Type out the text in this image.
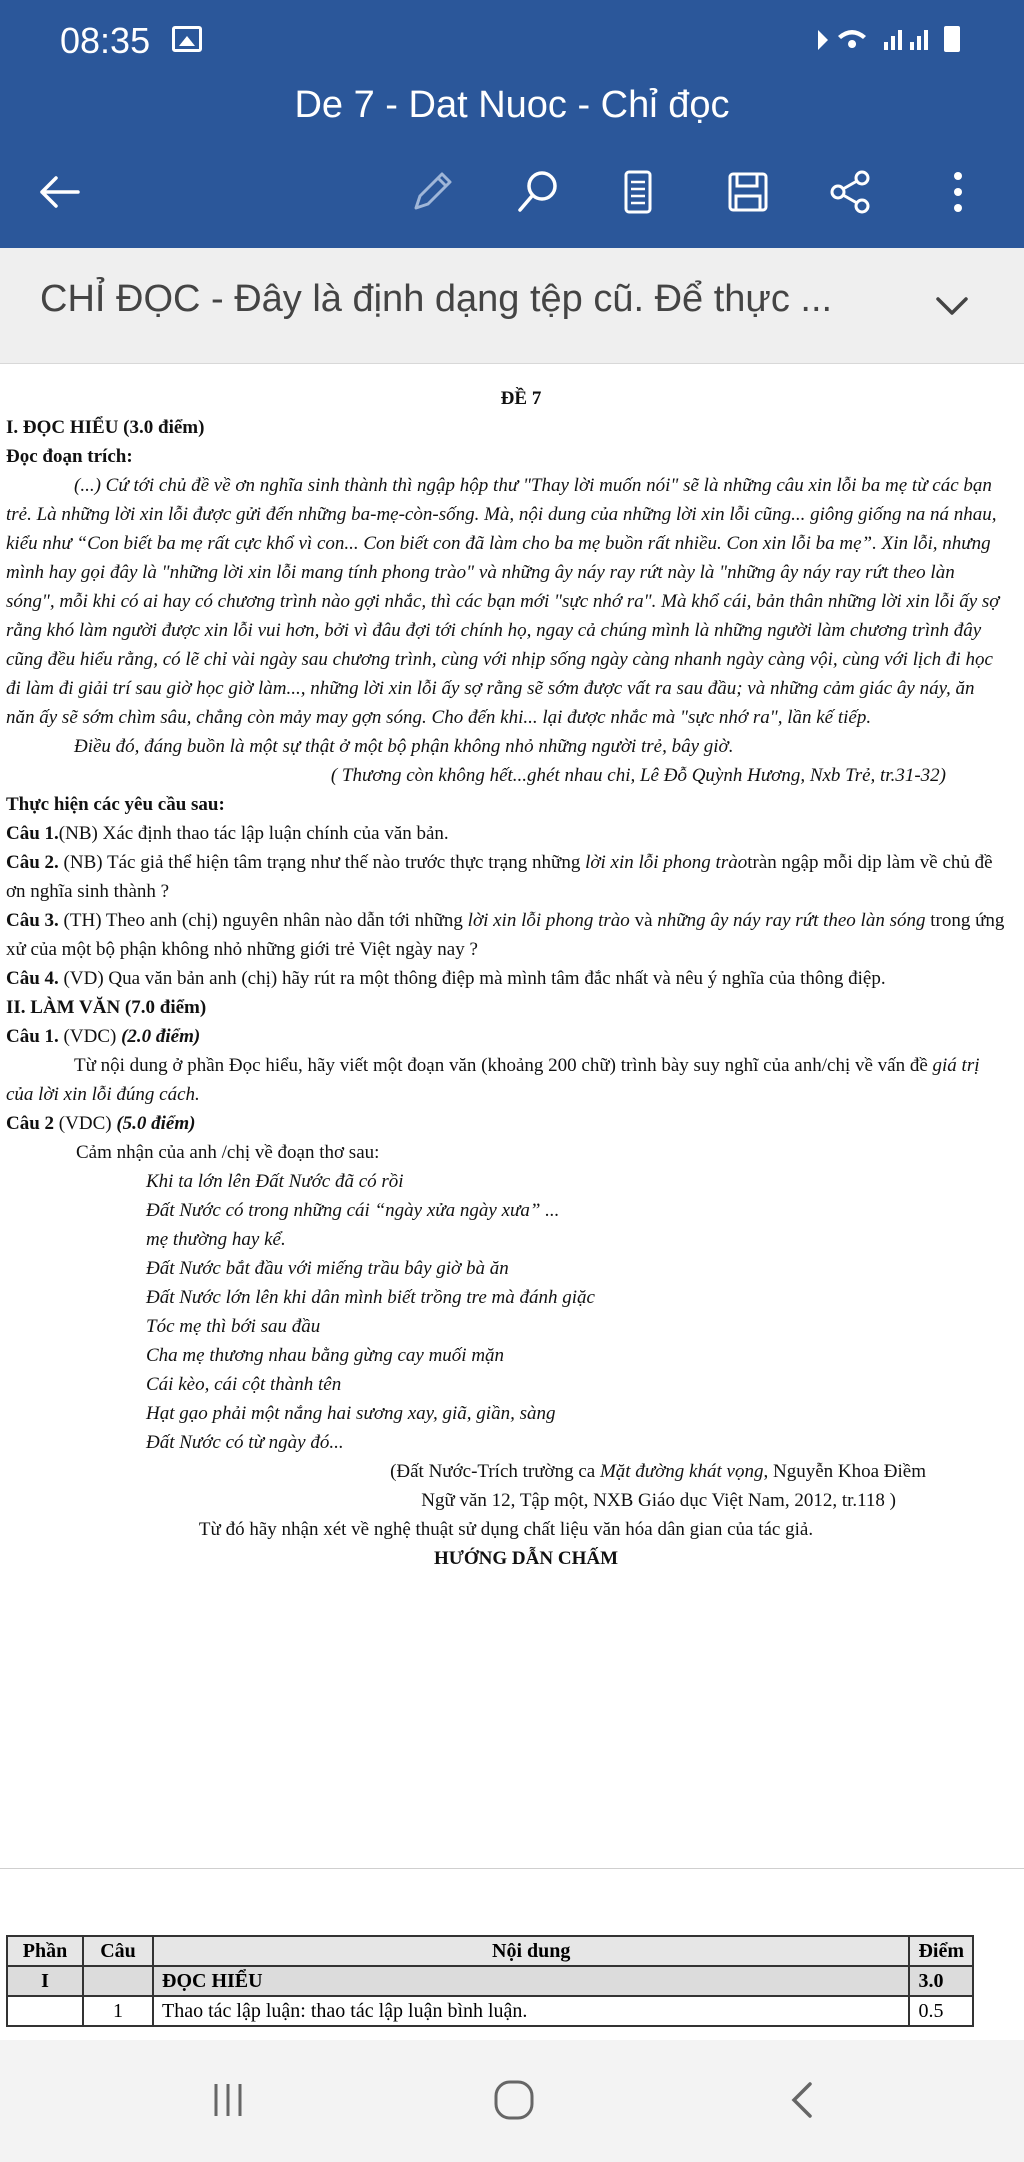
08:35
De 7 - Dat Nuoc - Chỉ đọc
CHỈ ĐỌC - Đây là định dạng tệp cũ. Để thực ...
ĐỀ 7
I. ĐỌC HIỂU (3.0 điểm)
Đọc đoạn trích:
(...) Cứ tới chủ đề về ơn nghĩa sinh thành thì ngập hộp thư "Thay lời muốn nói" sẽ là những câu xin lỗi ba mẹ từ các bạn trẻ. Là những lời xin lỗi được gửi đến những ba-mẹ-còn-sống. Mà, nội dung của những lời xin lỗi cũng... giông giống na ná nhau, kiểu như “Con biết ba mẹ rất cực khổ vì con... Con biết con đã làm cho ba mẹ buồn rất nhiều. Con xin lỗi ba mẹ”. Xin lỗi, nhưng mình hay gọi đây là "những lời xin lỗi mang tính phong trào" và những ây náy ray rứt này là "những ây náy ray rứt theo làn sóng", mỗi khi có ai hay có chương trình nào gợi nhắc, thì các bạn mới "sực nhớ ra". Mà khổ cái, bản thân những lời xin lỗi ấy sợ rằng khó làm người được xin lỗi vui hơn, bởi vì đâu đợi tới chính họ, ngay cả chúng mình là những người làm chương trình đây cũng đều hiểu rằng, có lẽ chỉ vài ngày sau chương trình, cùng với nhịp sống ngày càng nhanh ngày càng vội, cùng với lịch đi học đi làm đi giải trí sau giờ học giờ làm..., những lời xin lỗi ấy sợ rằng sẽ sớm được vất ra sau đầu; và những cảm giác ây náy, ăn năn ấy sẽ sớm chìm sâu, chẳng còn mảy may gợn sóng. Cho đến khi... lại được nhắc mà "sực nhớ ra", lần kế tiếp.
Điều đó, đáng buồn là một sự thật ở một bộ phận không nhỏ những người trẻ, bây giờ.
( Thương còn không hết...ghét nhau chi, Lê Đỗ Quỳnh Hương, Nxb Trẻ, tr.31-32)
Thực hiện các yêu cầu sau:
Câu 1.(NB) Xác định thao tác lập luận chính của văn bản.
Câu 2. (NB) Tác giả thể hiện tâm trạng như thế nào trước thực trạng những lời xin lỗi phong tràotràn ngập mỗi dịp làm về chủ đề ơn nghĩa sinh thành ?
Câu 3. (TH) Theo anh (chị) nguyên nhân nào dẫn tới những lời xin lỗi phong trào và những ây náy ray rứt theo làn sóng trong ứng xử của một bộ phận không nhỏ những giới trẻ Việt ngày nay ?
Câu 4. (VD) Qua văn bản anh (chị) hãy rút ra một thông điệp mà mình tâm đắc nhất và nêu ý nghĩa của thông điệp.
II. LÀM VĂN (7.0 điểm)
Câu 1. (VDC) (2.0 điểm)
Từ nội dung ở phần Đọc hiểu, hãy viết một đoạn văn (khoảng 200 chữ) trình bày suy nghĩ của anh/chị về vấn đề giá trị của lời xin lỗi đúng cách.
Câu 2 (VDC) (5.0 điểm)
Cảm nhận của anh /chị về đoạn thơ sau:
Khi ta lớn lên Đất Nước đã có rồi
Đất Nước có trong những cái “ngày xửa ngày xưa” ...
mẹ thường hay kể.
Đất Nước bắt đầu với miếng trầu bây giờ bà ăn
Đất Nước lớn lên khi dân mình biết trồng tre mà đánh giặc
Tóc mẹ thì bới sau đầu
Cha mẹ thương nhau bằng gừng cay muối mặn
Cái kèo, cái cột thành tên
Hạt gạo phải một nắng hai sương xay, giã, giần, sàng
Đất Nước có từ ngày đó...
(Đất Nước-Trích trường ca Mặt đường khát vọng, Nguyễn Khoa Điềm
Ngữ văn 12, Tập một, NXB Giáo dục Việt Nam, 2012, tr.118 )
Từ đó hãy nhận xét về nghệ thuật sử dụng chất liệu văn hóa dân gian của tác giả.
HƯỚNG DẪN CHẤM
Phần	Câu	Nội dung	Điểm
I		ĐỌC HIỂU	3.0
	1	Thao tác lập luận: thao tác lập luận bình luận.	0.5
